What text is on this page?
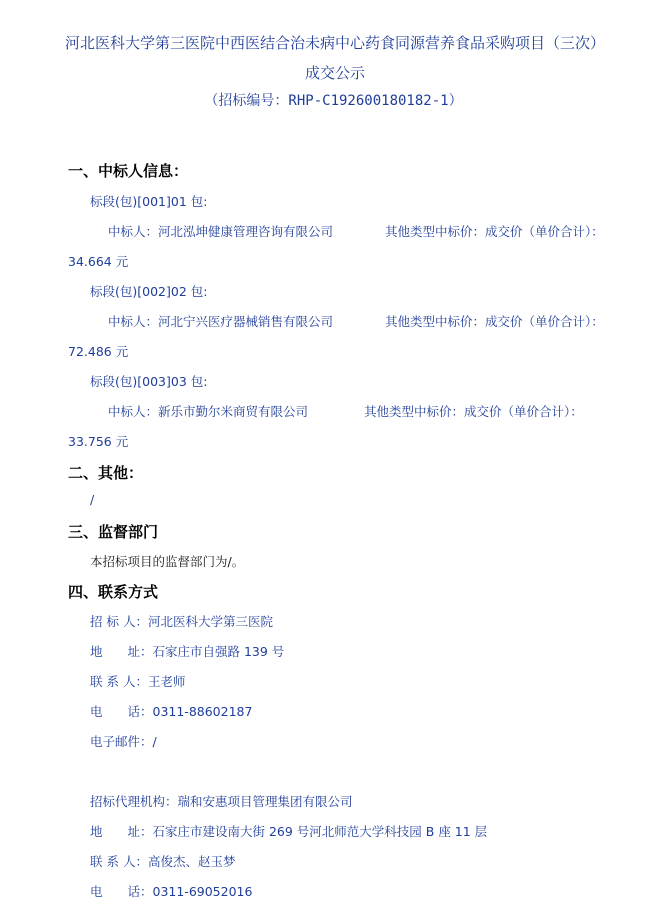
河北医科大学第三医院中西医结合治未病中心药食同源营养食品采购项目（三次）成交公示
（招标编号：RHP-C192600180182-1）
一、中标人信息：
标段(包)[001]01 包:
中标人：河北泓坤健康管理咨询有限公司	其他类型中标价：成交价（单价合计）：
34.664 元
标段(包)[002]02 包:
中标人：河北宁兴医疗器械销售有限公司	其他类型中标价：成交价（单价合计）：
72.486 元
标段(包)[003]03 包:
中标人：新乐市勤尔米商贸有限公司	其他类型中标价：成交价（单价合计）：
33.756 元
二、其他：
/
三、监督部门
本招标项目的监督部门为/。
四、联系方式
招 标 人：河北医科大学第三医院
地　　址：石家庄市自强路 139 号
联 系 人：王老师
电　　话：0311-88602187
电子邮件：/
招标代理机构：瑞和安惠项目管理集团有限公司
地　　址：石家庄市建设南大街 269 号河北师范大学科技园 B 座 11 层
联 系 人：高俊杰、赵玉梦
电　　话：0311-69052016
